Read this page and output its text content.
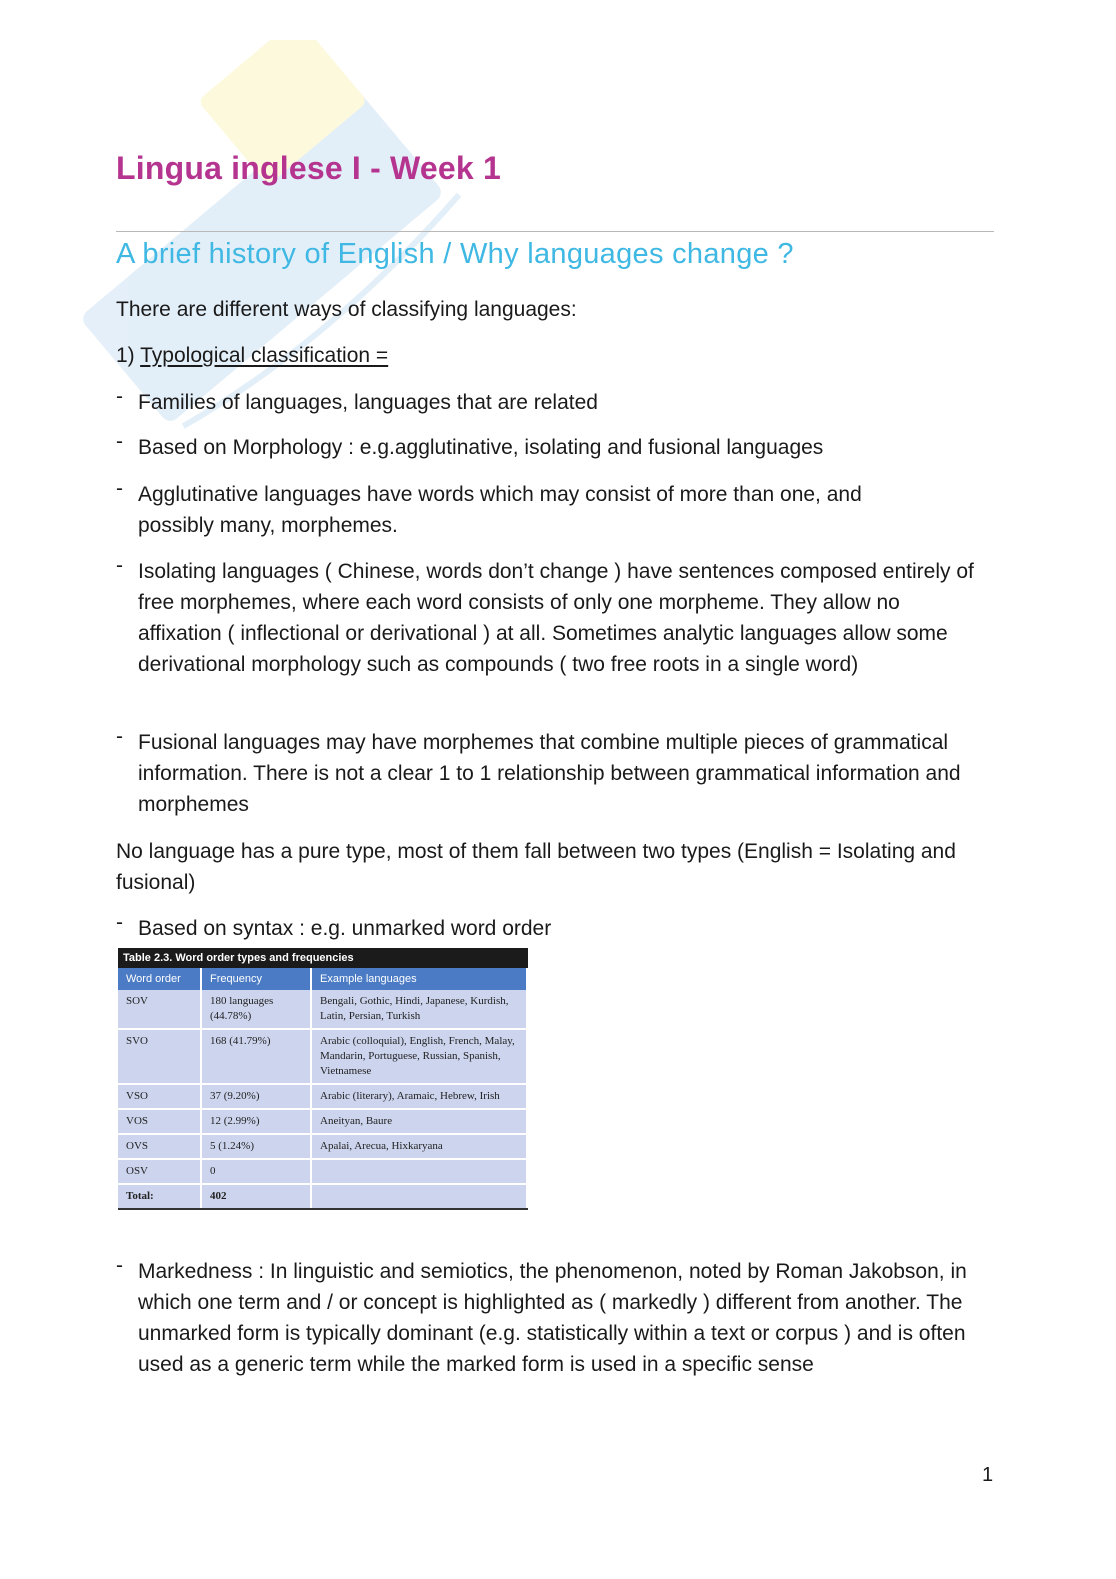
Lingua inglese I - Week 1
A brief history of English / Why languages change ?

There are different ways of classifying languages:

1) Typological classification =

- Families of languages, languages that are related
- Based on Morphology : e.g.agglutinative, isolating and fusional languages
- Agglutinative languages have words which may consist of more than one, and possibly many, morphemes.
- Isolating languages ( Chinese, words don’t change ) have sentences composed entirely of free morphemes, where each word consists of only one morpheme. They allow no affixation ( inflectional or derivational ) at all. Sometimes analytic languages allow some derivational morphology such as compounds ( two free roots in a single word)
- Fusional languages may have morphemes that combine multiple pieces of grammatical information. There is not a clear 1 to 1 relationship between grammatical information and morphemes

No language has a pure type, most of them fall between two types (English = Isolating and fusional)

- Based on syntax : e.g. unmarked word order
Table 2.3. Word order types and frequencies
Word order	Frequency	Example languages
SOV	180 languages (44.78%)	Bengali, Gothic, Hindi, Japanese, Kurdish, Latin, Persian, Turkish
SVO	168 (41.79%)	Arabic (colloquial), English, French, Malay, Mandarin, Portuguese, Russian, Spanish, Vietnamese
VSO	37 (9.20%)	Arabic (literary), Aramaic, Hebrew, Irish
VOS	12 (2.99%)	Aneityan, Baure
OVS	5 (1.24%)	Apalai, Arecua, Hixkaryana
OSV	0	
Total:	402	
- Markedness : In linguistic and semiotics, the phenomenon, noted by Roman Jakobson, in which one term and / or concept is highlighted as ( markedly ) different from another. The unmarked form is typically dominant (e.g. statistically within a text or corpus ) and is often used as a generic term while the marked form is used in a specific sense
1
